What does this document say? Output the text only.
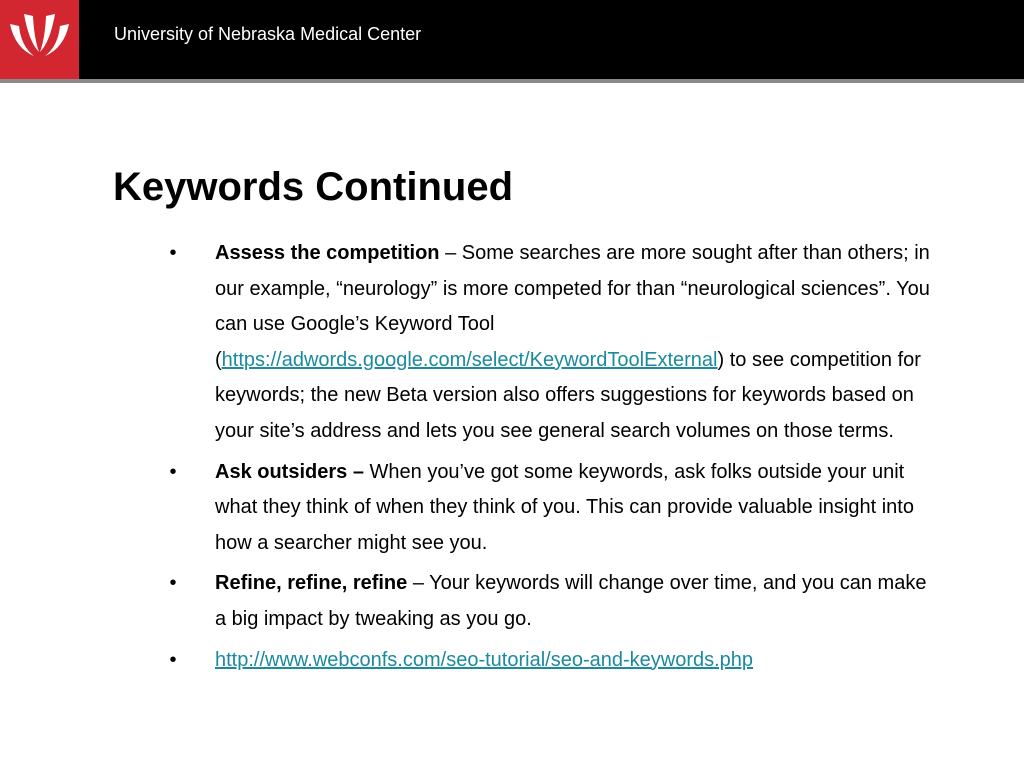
University of Nebraska Medical Center
Keywords Continued
•	Assess the competition – Some searches are more sought after than others; in our example, “neurology” is more competed for than “neurological sciences”. You can use Google’s Keyword Tool (https://adwords.google.com/select/KeywordToolExternal) to see competition for keywords; the new Beta version also offers suggestions for keywords based on your site’s address and lets you see general search volumes on those terms.
•	Ask outsiders – When you’ve got some keywords, ask folks outside your unit what they think of when they think of you. This can provide valuable insight into how a searcher might see you.
•	Refine, refine, refine – Your keywords will change over time, and you can make a big impact by tweaking as you go.
•	http://www.webconfs.com/seo-tutorial/seo-and-keywords.php
